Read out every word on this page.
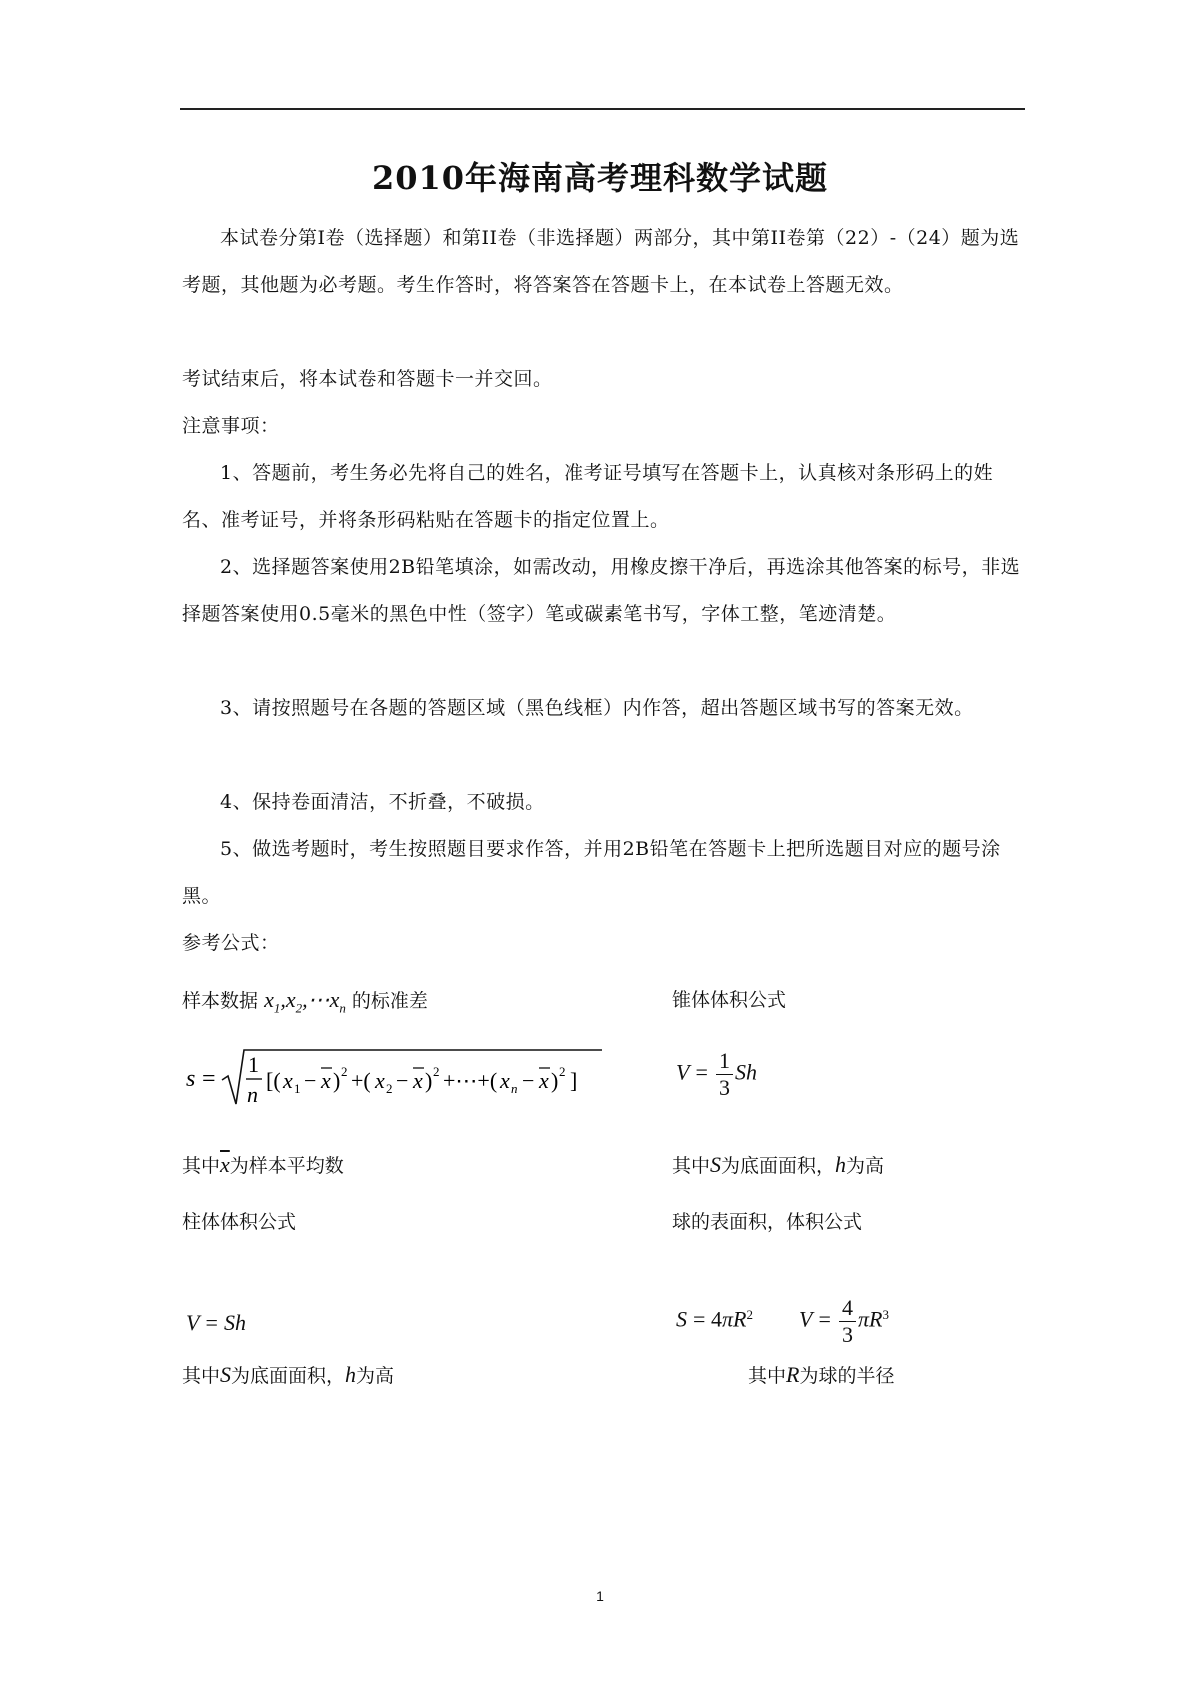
2010年海南高考理科数学试题
本试卷分第I卷（选择题）和第II卷（非选择题）两部分，其中第II卷第（22）-（24）题为选考题，其他题为必考题。考生作答时，将答案答在答题卡上，在本试卷上答题无效。
考试结束后，将本试卷和答题卡一并交回。
注意事项：
1、答题前，考生务必先将自己的姓名，准考证号填写在答题卡上，认真核对条形码上的姓名、准考证号，并将条形码粘贴在答题卡的指定位置上。
2、选择题答案使用2B铅笔填涂，如需改动，用橡皮擦干净后，再选涂其他答案的标号，非选择题答案使用0.5毫米的黑色中性（签字）笔或碳素笔书写，字体工整，笔迹清楚。
3、请按照题号在各题的答题区域（黑色线框）内作答，超出答题区域书写的答案无效。
4、保持卷面清洁，不折叠，不破损。
5、做选考题时，考生按照题目要求作答，并用2B铅笔在答题卡上把所选题目对应的题号涂黑。
参考公式：
样本数据 $x_1,x_2,\cdots x_n$ 的标准差	锥体体积公式
s =
1
n
[( x 1 − x ) 2 +( x 2 − x ) 2 +⋯+( x n − x ) 2 ]	$V = \frac{1}{3}$ Sh
其中$\overline{x}$为样本平均数	其中S为底面面积，h为高
柱体体积公式	球的表面积，体积公式
V = Sh	$S = 4\pi R^2$ $V = \frac{4}{3} \pi R^3$
其中S为底面面积，h为高	其中R为球的半径
1
